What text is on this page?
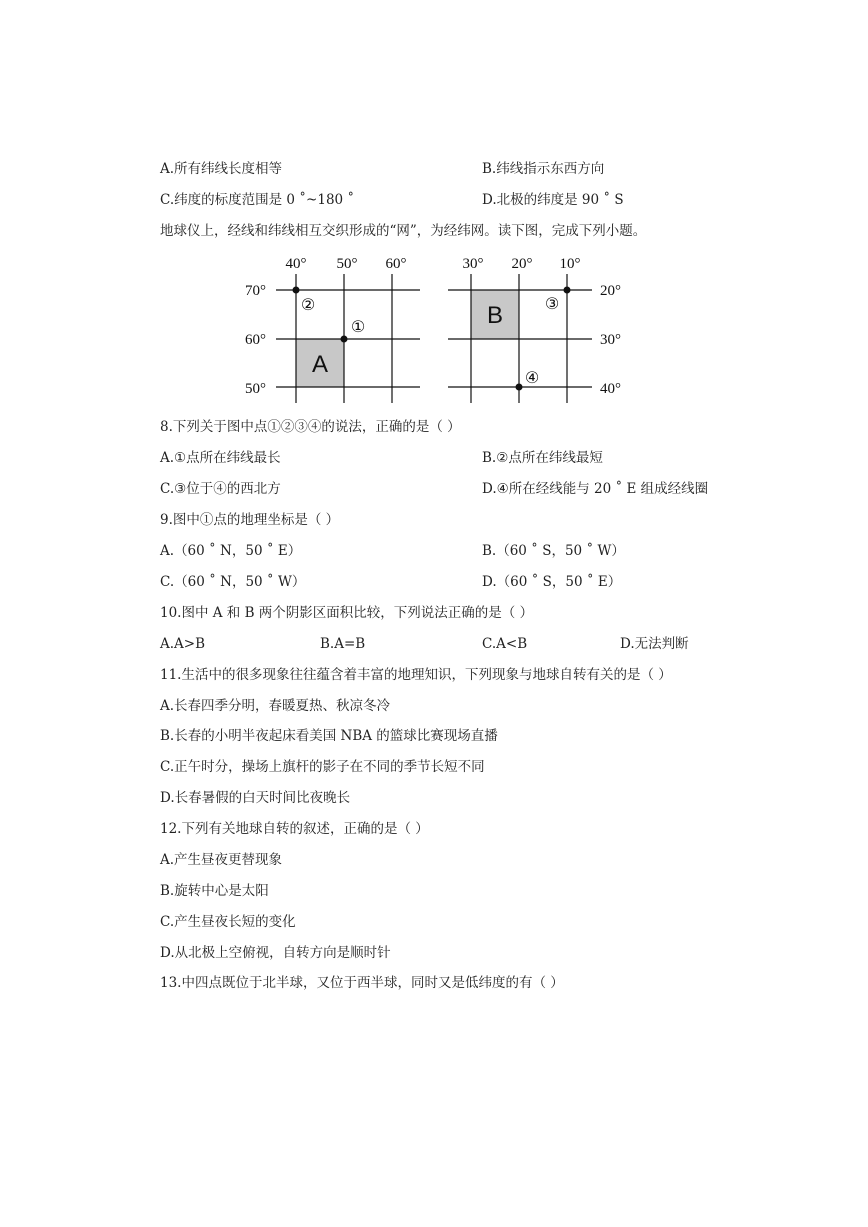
A.所有纬线长度相等	B.纬线指示东西方向
C.纬度的标度范围是 0 ˚~180 ˚	D.北极的纬度是 90 ˚ S
地球仪上，经线和纬线相互交织形成的“网”，为经纬网。读下图，完成下列小题。
40° 50° 60°
70°
60°
50°
A
②
①
30° 20° 10°
20°
30°
40°
B	③
④
8.下列关于图中点①②③④的说法，正确的是（ ）
A.①点所在纬线最长	B.②点所在纬线最短
C.③位于④的西北方	D.④所在经线能与 20 ˚ E 组成经线圈
9.图中①点的地理坐标是（ ）
A.（60 ˚ N，50 ˚ E）	B.（60 ˚ S，50 ˚ W）
C.（60 ˚ N，50 ˚ W）	D.（60 ˚ S，50 ˚ E）
10.图中 A 和 B 两个阴影区面积比较，下列说法正确的是（ ）
A.A>B	B.A=B	C.A<B	D.无法判断
11.生活中的很多现象往往蕴含着丰富的地理知识，下列现象与地球自转有关的是（ ）
A.长春四季分明，春暖夏热、秋凉冬冷
B.长春的小明半夜起床看美国 NBA 的篮球比赛现场直播
C.正午时分，操场上旗杆的影子在不同的季节长短不同
D.长春暑假的白天时间比夜晚长
12.下列有关地球自转的叙述，正确的是（ ）
A.产生昼夜更替现象
B.旋转中心是太阳
C.产生昼夜长短的变化
D.从北极上空俯视，自转方向是顺时针
13.中四点既位于北半球，又位于西半球，同时又是低纬度的有（ ）
